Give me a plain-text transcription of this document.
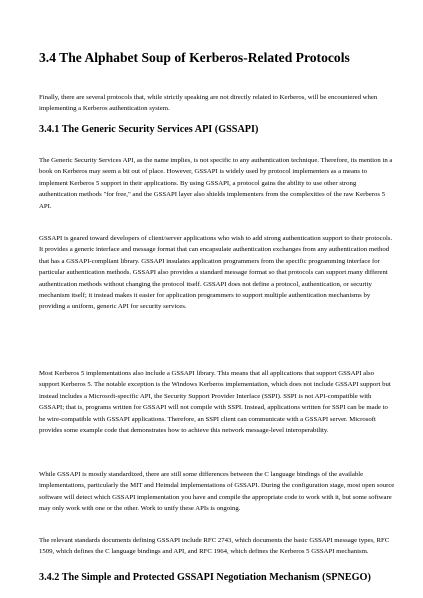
3.4 The Alphabet Soup of Kerberos-Related Protocols

Finally, there are several protocols that, while strictly speaking are not directly related to Kerberos, will be encountered when implementing a Kerberos authentication system.

3.4.1 The Generic Security Services API (GSSAPI)

The Generic Security Services API, as the name implies, is not specific to any authentication technique. Therefore, its mention in a book on Kerberos may seem a bit out of place. However, GSSAPI is widely used by protocol implementers as a means to implement Kerberos 5 support in their applications. By using GSSAPI, a protocol gains the ability to use other strong authentication methods "for free," and the GSSAPI layer also shields implementers from the complexities of the raw Kerberos 5 API.

GSSAPI is geared toward developers of client/server applications who wish to add strong authentication support to their protocols. It provides a generic interface and message format that can encapsulate authentication exchanges from any authentication method that has a GSSAPI-compliant library. GSSAPI insulates application programmers from the specific programming interface for particular authentication methods. GSSAPI also provides a standard message format so that protocols can support many different authentication methods without changing the protocol itself. GSSAPI does not define a protocol, authentication, or security mechanism itself; it instead makes it easier for application programmers to support multiple authentication mechanisms by providing a uniform, generic API for security services.

Most Kerberos 5 implementations also include a GSSAPI library. This means that all applications that support GSSAPI also support Kerberos 5. The notable exception is the Windows Kerberos implementation, which does not include GSSAPI support but instead includes a Microsoft-specific API, the Security Support Provider Interface (SSPI). SSPI is not API-compatible with GSSAPI; that is, programs written for GSSAPI will not compile with SSPI. Instead, applications written for SSPI can be made to be wire-compatible with GSSAPI applications. Therefore, an SSPI client can communicate with a GSSAPI server. Microsoft provides some example code that demonstrates how to achieve this network message-level interoperability.

While GSSAPI is mostly standardized, there are still some differences between the C language bindings of the available implementations, particularly the MIT and Heimdal implementations of GSSAPI. During the configuration stage, most open source software will detect which GSSAPI implementation you have and compile the appropriate code to work with it, but some software may only work with one or the other. Work to unify these APIs is ongoing.

The relevant standards documents defining GSSAPI include RFC 2743, which documents the basic GSSAPI message types, RFC 1509, which defines the C language bindings and API, and RFC 1964, which defines the Kerberos 5 GSSAPI mechanism.

3.4.2 The Simple and Protected GSSAPI Negotiation Mechanism (SPNEGO)
